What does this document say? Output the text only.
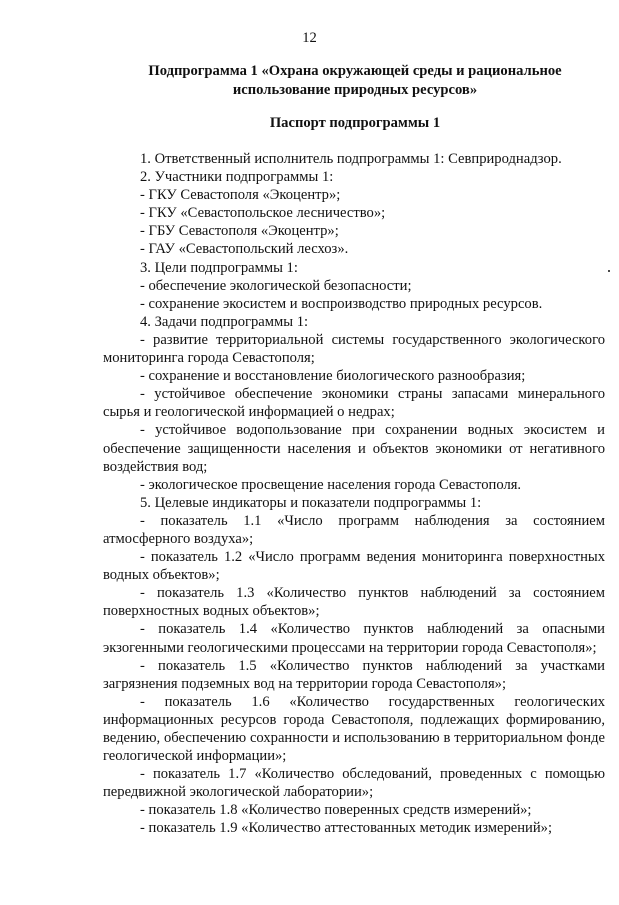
12
Подпрограмма 1 «Охрана окружающей среды и рациональное
использование природных ресурсов»
Паспорт подпрограммы 1

1. Ответственный исполнитель подпрограммы 1: Севприроднадзор.

2. Участники подпрограммы 1:

- ГКУ Севастополя «Экоцентр»;

- ГКУ «Севастопольское лесничество»;

- ГБУ Севастополя «Экоцентр»;

- ГАУ «Севастопольский лесхоз».

3. Цели подпрограммы 1:

- обеспечение экологической безопасности;

- сохранение экосистем и воспроизводство природных ресурсов.

4. Задачи подпрограммы 1:

- развитие территориальной системы государственного экологического мониторинга города Севастополя;

- сохранение и восстановление биологического разнообразия;

- устойчивое обеспечение экономики страны запасами минерального сырья и геологической информацией о недрах;

- устойчивое водопользование при сохранении водных экосистем и обеспечение защищенности населения и объектов экономики от негативного воздействия вод;

- экологическое просвещение населения города Севастополя.

5. Целевые индикаторы и показатели подпрограммы 1:

- показатель 1.1 «Число программ наблюдения за состоянием атмосферного воздуха»;

- показатель 1.2 «Число программ ведения мониторинга поверхностных водных объектов»;

- показатель 1.3 «Количество пунктов наблюдений за состоянием поверхностных водных объектов»;

- показатель 1.4 «Количество пунктов наблюдений за опасными экзогенными геологическими процессами на территории города Севастополя»;

- показатель 1.5 «Количество пунктов наблюдений за участками загрязнения подземных вод на территории города Севастополя»;

- показатель 1.6 «Количество государственных геологических информационных ресурсов города Севастополя, подлежащих формированию, ведению, обеспечению сохранности и использованию в территориальном фонде геологической информации»;

- показатель 1.7 «Количество обследований, проведенных с помощью передвижной экологической лаборатории»;

- показатель 1.8 «Количество поверенных средств измерений»;

- показатель 1.9 «Количество аттестованных методик измерений»;
